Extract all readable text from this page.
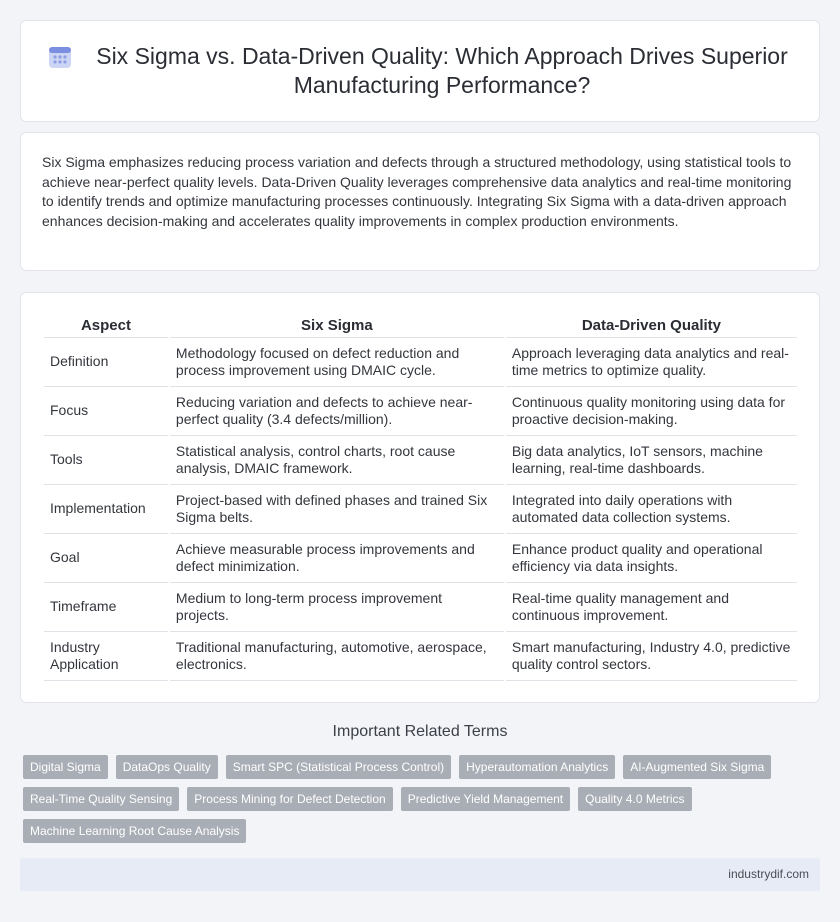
Six Sigma vs. Data-Driven Quality: Which Approach Drives Superior Manufacturing Performance?

Six Sigma emphasizes reducing process variation and defects through a structured methodology, using statistical tools to achieve near-perfect quality levels. Data-Driven Quality leverages comprehensive data analytics and real-time monitoring to identify trends and optimize manufacturing processes continuously. Integrating Six Sigma with a data-driven approach enhances decision-making and accelerates quality improvements in complex production environments.

Aspect	Six Sigma	Data-Driven Quality
Definition	Methodology focused on defect reduction and process improvement using DMAIC cycle.	Approach leveraging data analytics and real-time metrics to optimize quality.
Focus	Reducing variation and defects to achieve near-perfect quality (3.4 defects/million).	Continuous quality monitoring using data for proactive decision-making.
Tools	Statistical analysis, control charts, root cause analysis, DMAIC framework.	Big data analytics, IoT sensors, machine learning, real-time dashboards.
Implementation	Project-based with defined phases and trained Six Sigma belts.	Integrated into daily operations with automated data collection systems.
Goal	Achieve measurable process improvements and defect minimization.	Enhance product quality and operational efficiency via data insights.
Timeframe	Medium to long-term process improvement projects.	Real-time quality management and continuous improvement.
Industry Application	Traditional manufacturing, automotive, aerospace, electronics.	Smart manufacturing, Industry 4.0, predictive quality control sectors.
Important Related Terms
Digital Sigma	DataOps Quality	Smart SPC (Statistical Process Control)	Hyperautomation Analytics	AI-Augmented Six Sigma
Real-Time Quality Sensing	Process Mining for Defect Detection	Predictive Yield Management	Quality 4.0 Metrics
Machine Learning Root Cause Analysis
industrydif.com
